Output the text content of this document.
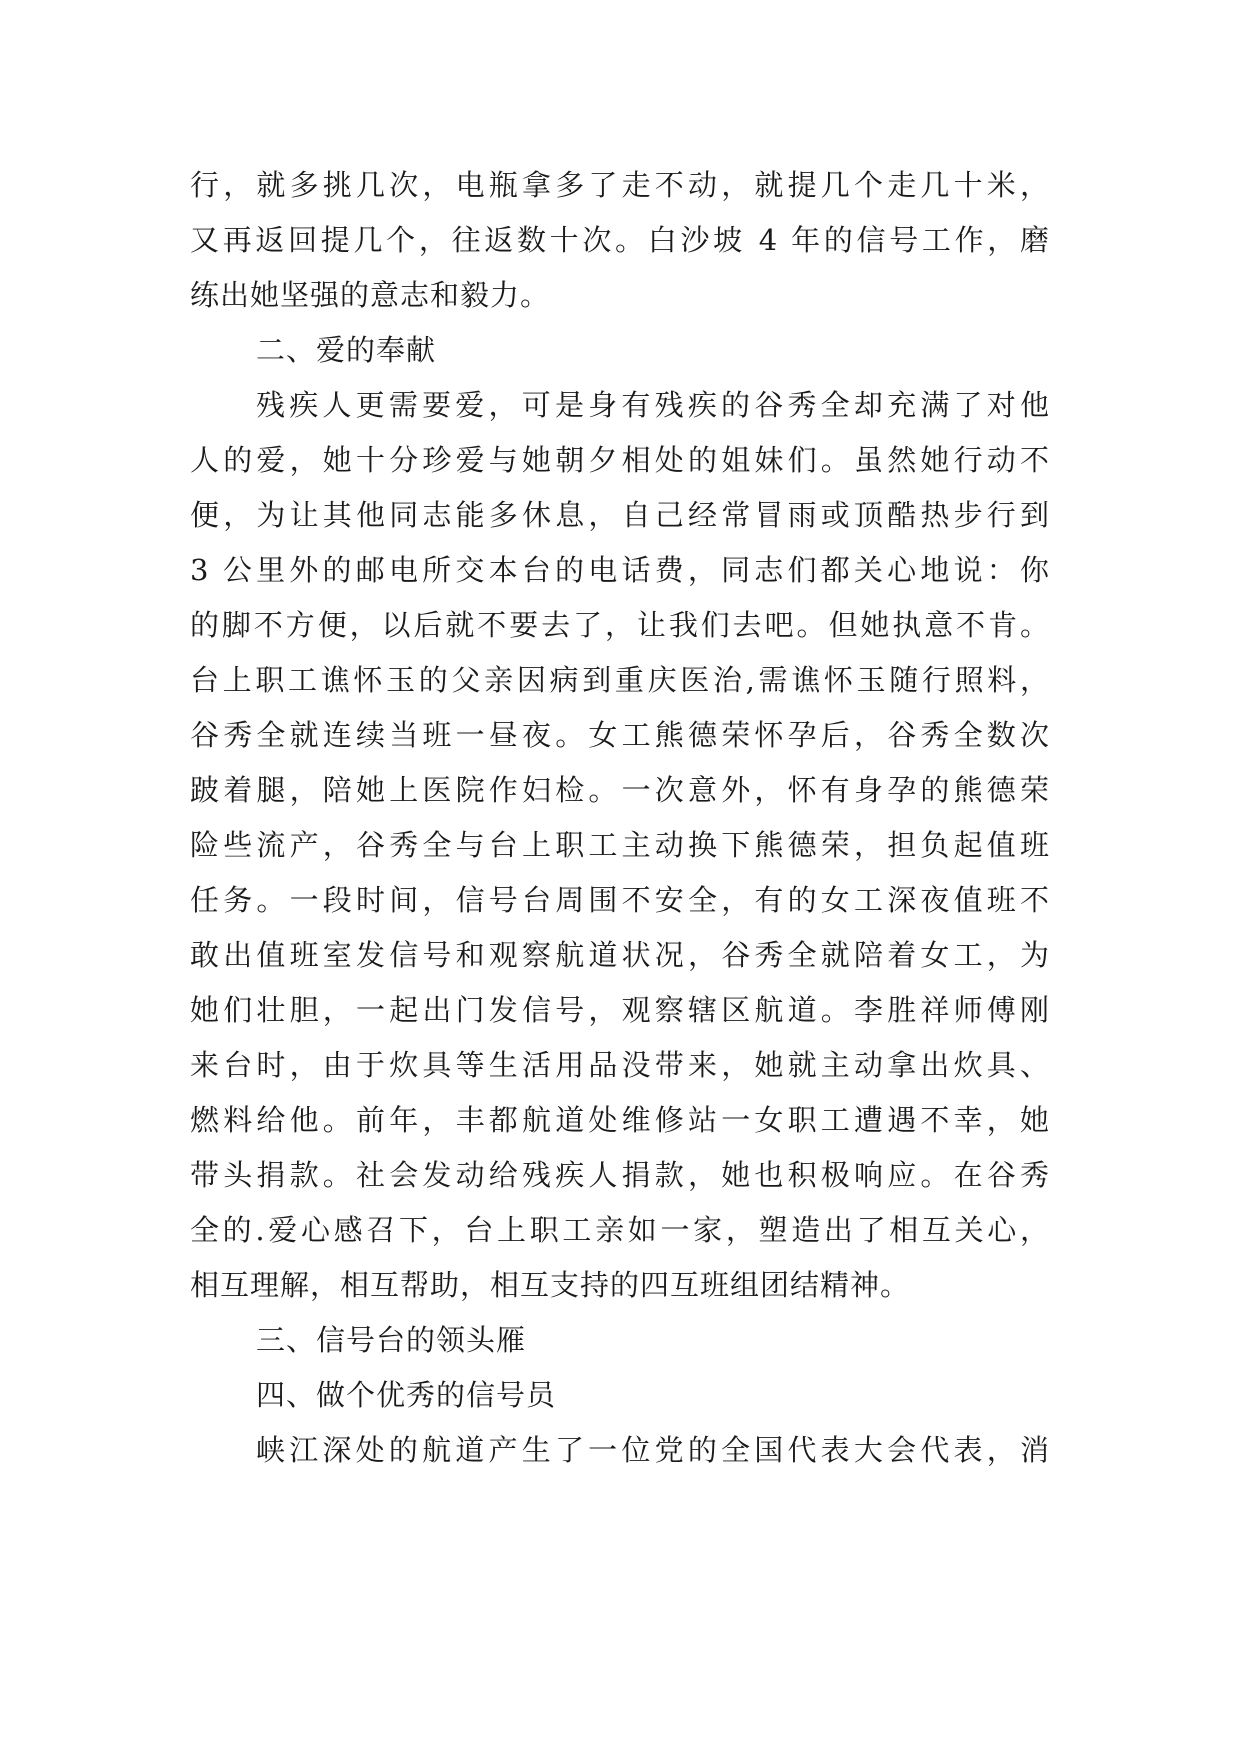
行，就多挑几次，电瓶拿多了走不动，就提几个走几十米，
又再返回提几个，往返数十次。白沙坡 4 年的信号工作，磨
练出她坚强的意志和毅力。
二、爱的奉献
残疾人更需要爱，可是身有残疾的谷秀全却充满了对他
人的爱，她十分珍爱与她朝夕相处的姐妹们。虽然她行动不
便，为让其他同志能多休息，自己经常冒雨或顶酷热步行到
3 公里外的邮电所交本台的电话费，同志们都关心地说：你
的脚不方便，以后就不要去了，让我们去吧。但她执意不肯。
台上职工谯怀玉的父亲因病到重庆医治,需谯怀玉随行照料，
谷秀全就连续当班一昼夜。女工熊德荣怀孕后，谷秀全数次
跛着腿，陪她上医院作妇检。一次意外，怀有身孕的熊德荣
险些流产，谷秀全与台上职工主动换下熊德荣，担负起值班
任务。一段时间，信号台周围不安全，有的女工深夜值班不
敢出值班室发信号和观察航道状况，谷秀全就陪着女工，为
她们壮胆，一起出门发信号，观察辖区航道。李胜祥师傅刚
来台时，由于炊具等生活用品没带来，她就主动拿出炊具、
燃料给他。前年，丰都航道处维修站一女职工遭遇不幸，她
带头捐款。社会发动给残疾人捐款，她也积极响应。在谷秀
全的.爱心感召下，台上职工亲如一家，塑造出了相互关心，
相互理解，相互帮助，相互支持的四互班组团结精神。
三、信号台的领头雁
四、做个优秀的信号员
峡江深处的航道产生了一位党的全国代表大会代表，消
